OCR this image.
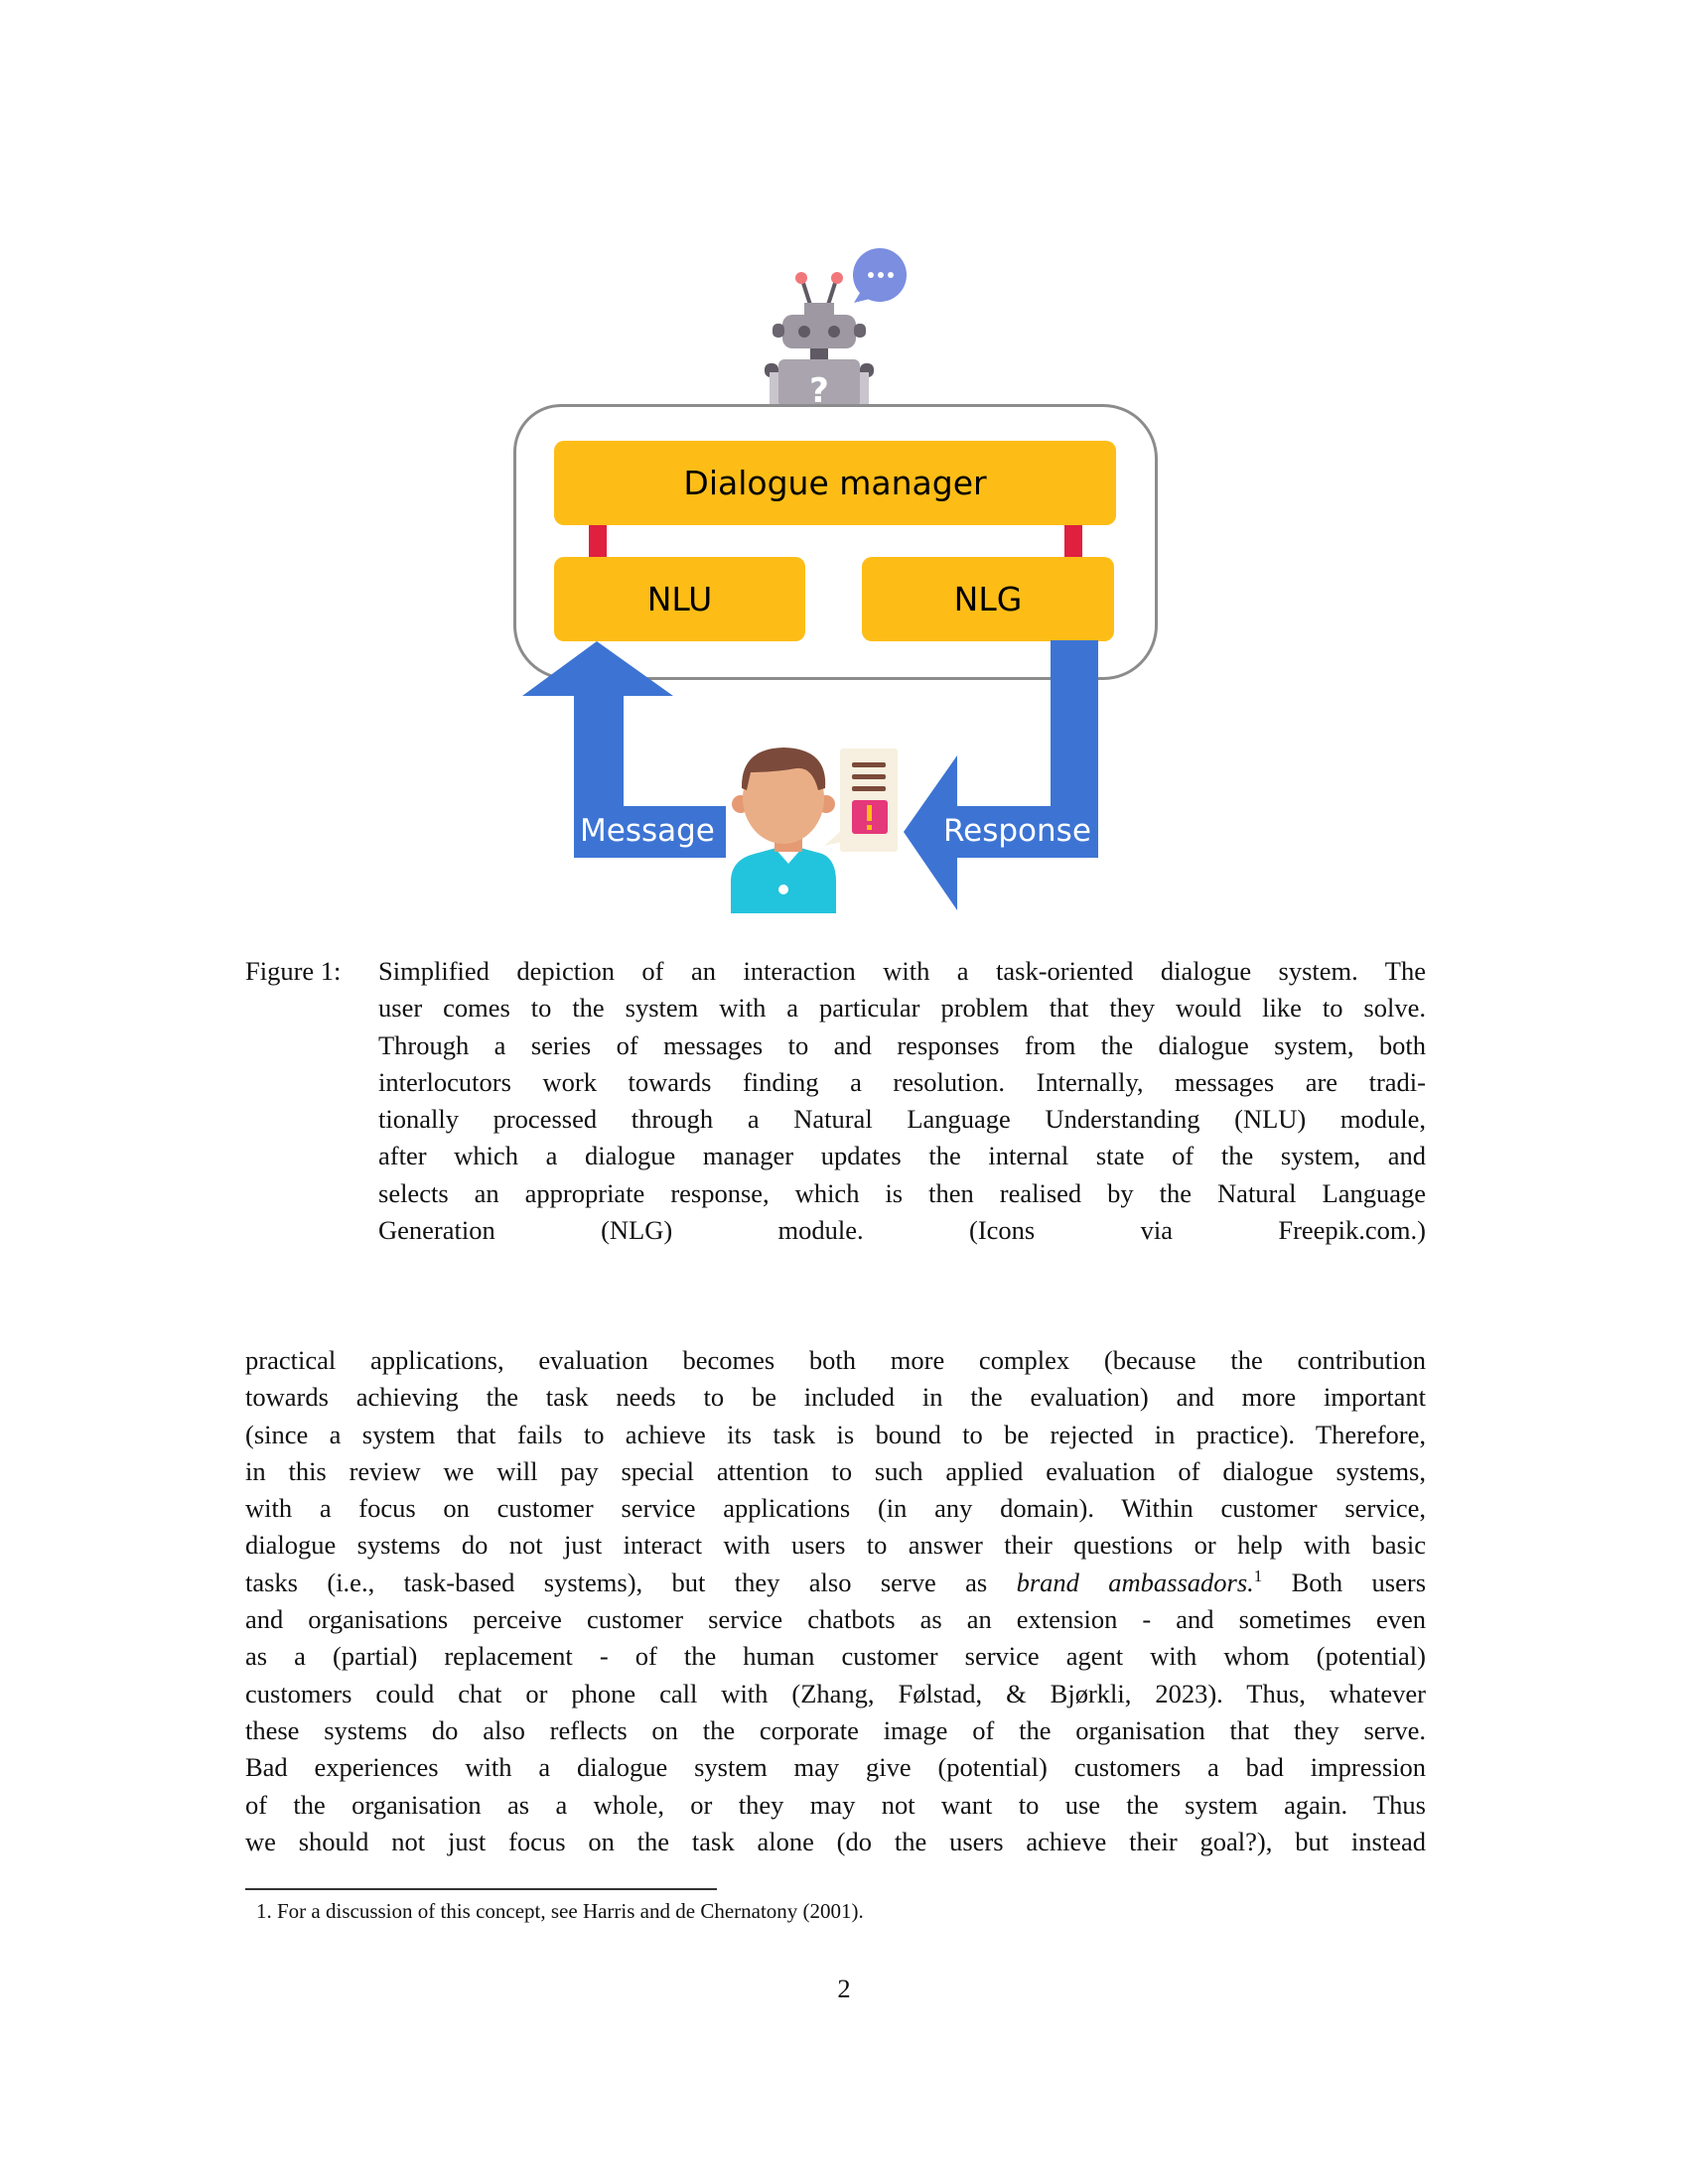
?
Dialogue manager
NLU	NLG
Message	Response
Figure 1: Simplified depiction of an interaction with a task-oriented dialogue system. The
user comes to the system with a particular problem that they would like to solve.
Through a series of messages to and responses from the dialogue system, both
interlocutors work towards finding a resolution. Internally, messages are tradi-
tionally processed through a Natural Language Understanding (NLU) module,
after which a dialogue manager updates the internal state of the system, and
selects an appropriate response, which is then realised by the Natural Language
Generation (NLG) module. (Icons via Freepik.com.)
practical applications, evaluation becomes both more complex (because the contribution
towards achieving the task needs to be included in the evaluation) and more important
(since a system that fails to achieve its task is bound to be rejected in practice). Therefore,
in this review we will pay special attention to such applied evaluation of dialogue systems,
with a focus on customer service applications (in any domain). Within customer service,
dialogue systems do not just interact with users to answer their questions or help with basic
tasks (i.e., task-based systems), but they also serve as brand ambassadors.$^1$ Both users
and organisations perceive customer service chatbots as an extension - and sometimes even
as a (partial) replacement - of the human customer service agent with whom (potential)
customers could chat or phone call with (Zhang, Følstad, & Bjørkli, 2023). Thus, whatever
these systems do also reflects on the corporate image of the organisation that they serve.
Bad experiences with a dialogue system may give (potential) customers a bad impression
of the organisation as a whole, or they may not want to use the system again. Thus
we should not just focus on the task alone (do the users achieve their goal?), but instead
1. For a discussion of this concept, see Harris and de Chernatony (2001).
2
